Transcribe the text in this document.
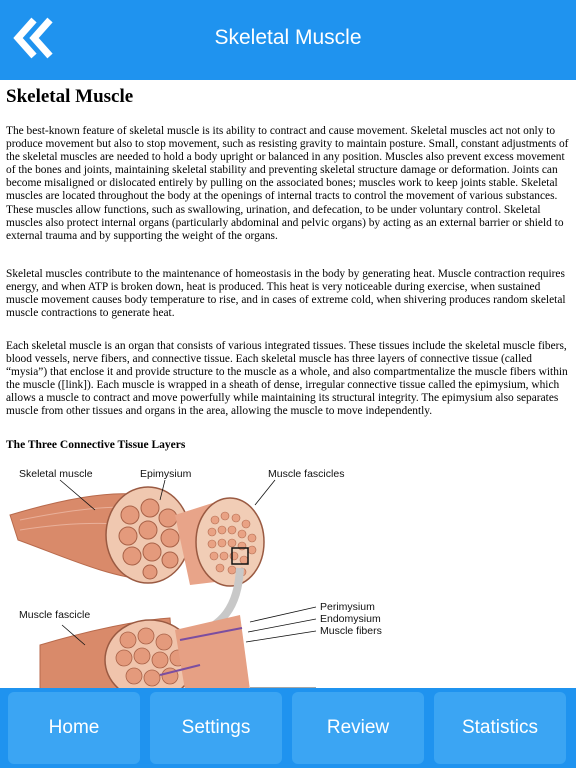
Skeletal Muscle
Skeletal Muscle

The best-known feature of skeletal muscle is its ability to contract and cause movement. Skeletal muscles act not only to produce movement but also to stop movement, such as resisting gravity to maintain posture. Small, constant adjustments of the skeletal muscles are needed to hold a body upright or balanced in any position. Muscles also prevent excess movement of the bones and joints, maintaining skeletal stability and preventing skeletal structure damage or deformation. Joints can become misaligned or dislocated entirely by pulling on the associated bones; muscles work to keep joints stable. Skeletal muscles are located throughout the body at the openings of internal tracts to control the movement of various substances. These muscles allow functions, such as swallowing, urination, and defecation, to be under voluntary control. Skeletal muscles also protect internal organs (particularly abdominal and pelvic organs) by acting as an external barrier or shield to external trauma and by supporting the weight of the organs.

Skeletal muscles contribute to the maintenance of homeostasis in the body by generating heat. Muscle contraction requires energy, and when ATP is broken down, heat is produced. This heat is very noticeable during exercise, when sustained muscle movement causes body temperature to rise, and in cases of extreme cold, when shivering produces random skeletal muscle contractions to generate heat.

Each skeletal muscle is an organ that consists of various integrated tissues. These tissues include the skeletal muscle fibers, blood vessels, nerve fibers, and connective tissue. Each skeletal muscle has three layers of connective tissue (called “mysia”) that enclose it and provide structure to the muscle as a whole, and also compartmentalize the muscle fibers within the muscle ([link]). Each muscle is wrapped in a sheath of dense, irregular connective tissue called the epimysium, which allows a muscle to contract and move powerfully while maintaining its structural integrity. The epimysium also separates muscle from other tissues and organs in the area, allowing the muscle to move independently.

The Three Connective Tissue Layers
Skeletal muscle	Epimysium	Muscle fascicles
Muscle fascicle
Perimysium
Endomysium
Muscle fibers
Home	Settings	Review	Statistics
